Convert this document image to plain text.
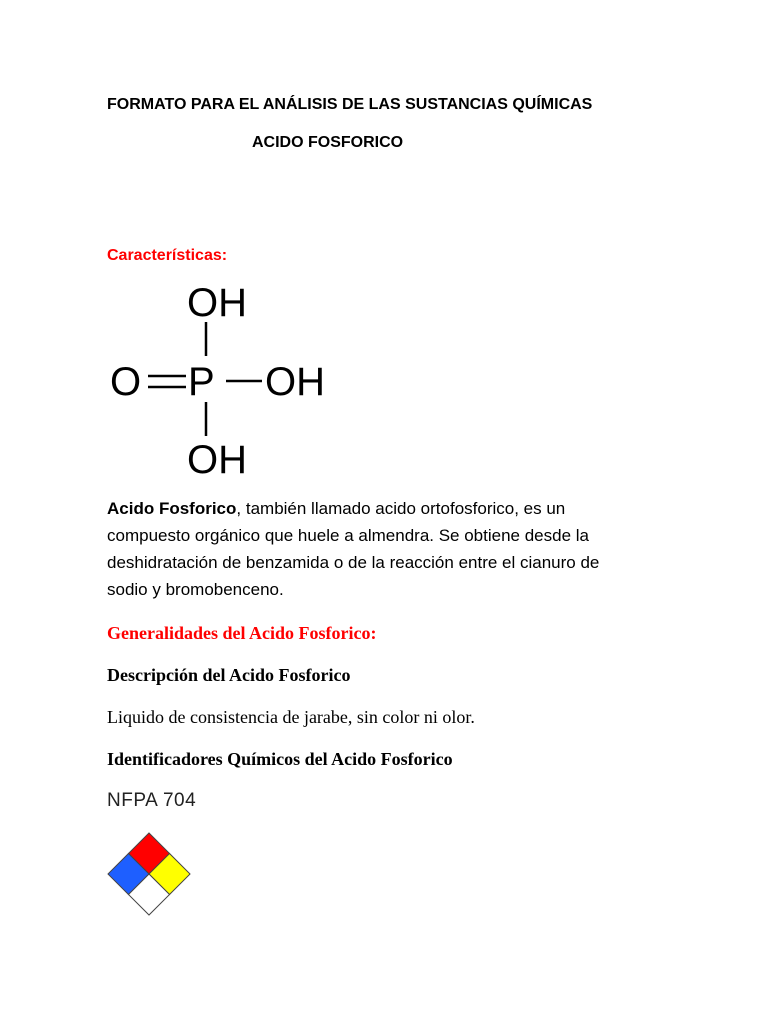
FORMATO PARA EL ANÁLISIS DE LAS SUSTANCIAS QUÍMICAS
ACIDO FOSFORICO
Características:
OH
O P OH
OH
Acido Fosforico, también llamado acido ortofosforico, es un
compuesto orgánico que huele a almendra. Se obtiene desde la
deshidratación de benzamida o de la reacción entre el cianuro de
sodio y bromobenceno.
Generalidades del Acido Fosforico:
Descripción del Acido Fosforico
Liquido de consistencia de jarabe, sin color ni olor.
Identificadores Químicos del Acido Fosforico
NFPA 704
